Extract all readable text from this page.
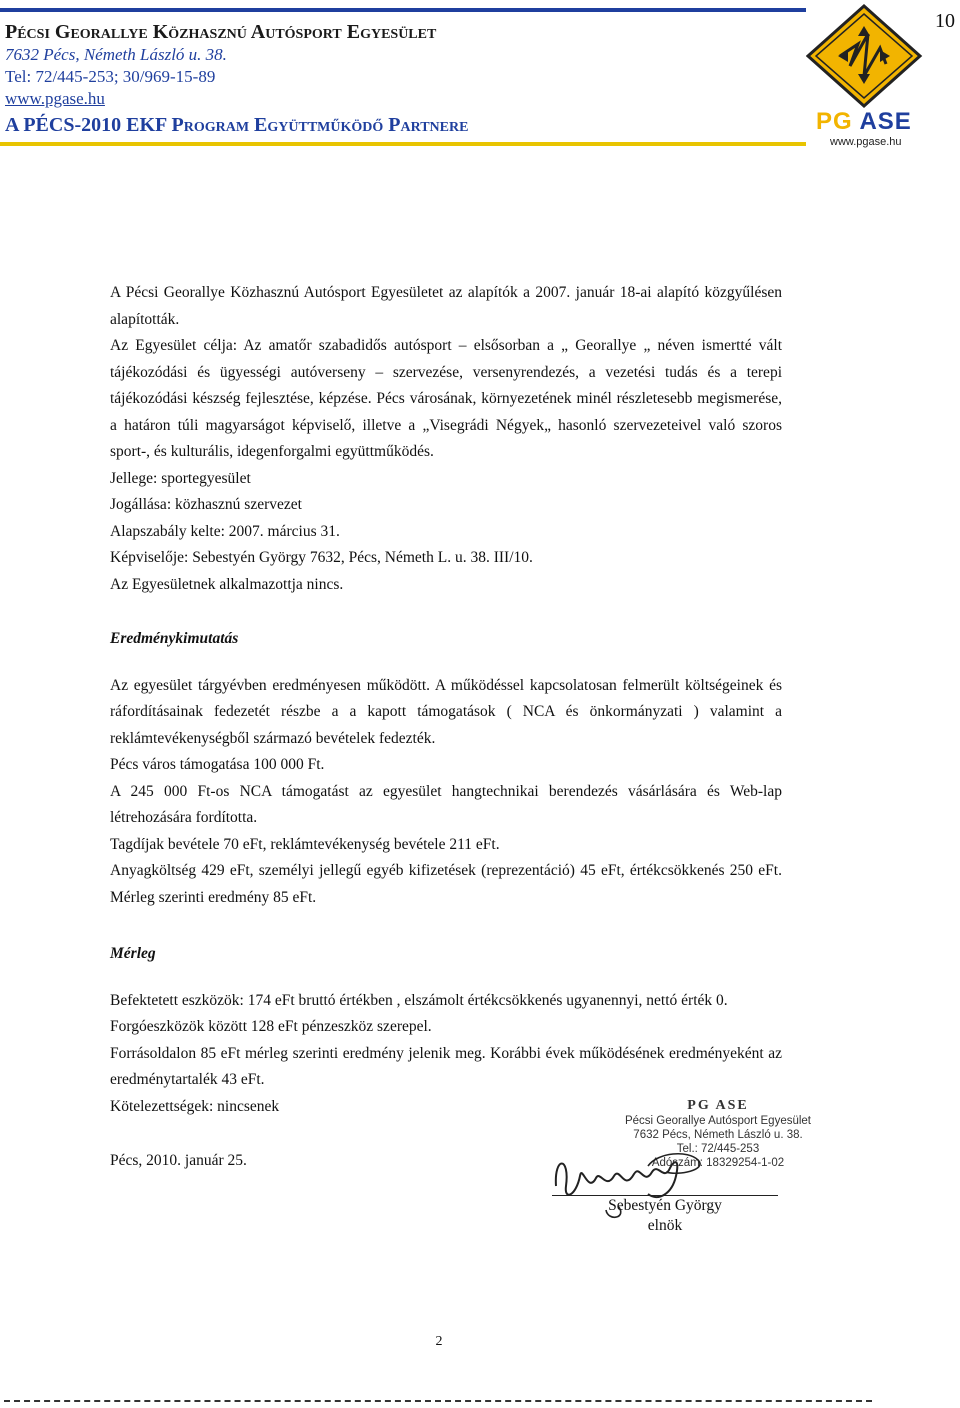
Pécsi Georallye Közhasznú Autósport Egyesület
7632 Pécs, Németh László u. 38.
Tel: 72/445-253; 30/969-15-89
www.pgase.hu
A PÉCS-2010 EKF Program Együttműködő Partnere
10
PG ASE
www.pgase.hu

A Pécsi Georallye Közhasznú Autósport Egyesületet az alapítók a 2007. január 18-ai alapító közgyűlésen alapították.

Az Egyesület célja: Az amatőr szabadidős autósport – elsősorban a „ Georallye „ néven ismertté vált tájékozódási és ügyességi autóverseny – szervezése, versenyrendezés, a vezetési tudás és a terepi tájékozódási készség fejlesztése, képzése. Pécs városának, környezetének minél részletesebb megismerése, a határon túli magyarságot képviselő, illetve a „Visegrádi Négyek„ hasonló szervezeteivel való szoros sport-, és kulturális, idegenforgalmi együttműködés.

Jellege: sportegyesület

Jogállása: közhasznú szervezet

Alapszabály kelte: 2007. március 31.

Képviselője: Sebestyén György 7632, Pécs, Németh L. u. 38. III/10.

Az Egyesületnek alkalmazottja nincs.

Eredménykimutatás

Az egyesület tárgyévben eredményesen működött. A működéssel kapcsolatosan felmerült költségeinek és ráfordításainak fedezetét részbe a a kapott támogatások ( NCA és önkormányzati ) valamint a reklámtevékenységből származó bevételek fedezték.

Pécs város támogatása 100 000 Ft.

A 245 000 Ft-os NCA támogatást az egyesület hangtechnikai berendezés vásárlására és Web-lap létrehozására fordította.

Tagdíjak bevétele 70 eFt, reklámtevékenység bevétele 211 eFt.

Anyagköltség 429 eFt, személyi jellegű egyéb kifizetések (reprezentáció) 45 eFt, értékcsökkenés 250 eFt. Mérleg szerinti eredmény 85 eFt.

Mérleg

Befektetett eszközök: 174 eFt bruttó értékben , elszámolt értékcsökkenés ugyanennyi, nettó érték 0.

Forgóeszközök között 128 eFt pénzeszköz szerepel.

Forrásoldalon 85 eFt mérleg szerinti eredmény jelenik meg. Korábbi évek működésének eredményeként az eredménytartalék 43 eFt.

Kötelezettségek: nincsenek

Pécs, 2010. január 25.
PG ASE
Pécsi Georallye Autósport Egyesület
7632 Pécs, Németh László u. 38.
Tel.: 72/445-253
Adószám: 18329254-1-02
Sebestyén György
elnök
2
